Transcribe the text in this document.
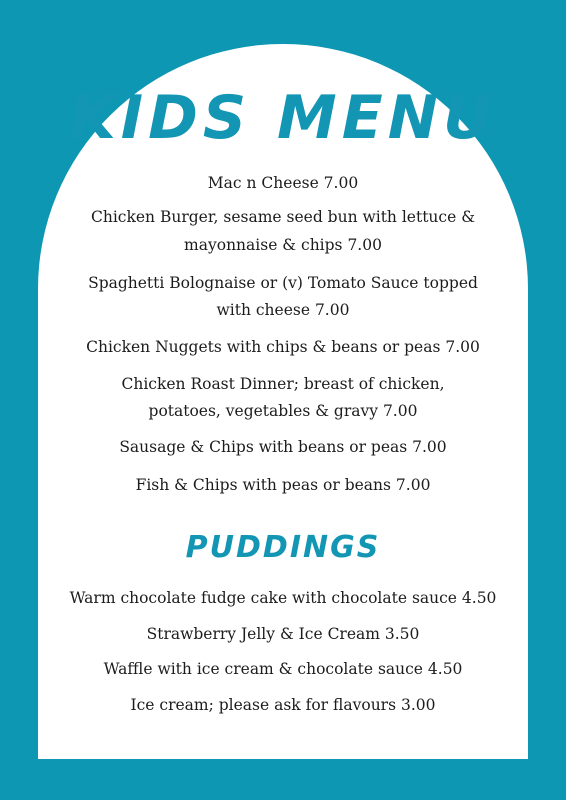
KIDS MENU

Mac n Cheese 7.00

Chicken Burger, sesame seed bun with lettuce &

mayonnaise & chips 7.00

Spaghetti Bolognaise or (v) Tomato Sauce topped

with cheese 7.00

Chicken Nuggets with chips & beans or peas 7.00

Chicken Roast Dinner; breast of chicken,

potatoes, vegetables & gravy 7.00

Sausage & Chips with beans or peas 7.00

Fish & Chips with peas or beans 7.00

PUDDINGS

Warm chocolate fudge cake with chocolate sauce 4.50

Strawberry Jelly & Ice Cream 3.50

Waffle with ice cream & chocolate sauce 4.50

Ice cream; please ask for flavours 3.00
